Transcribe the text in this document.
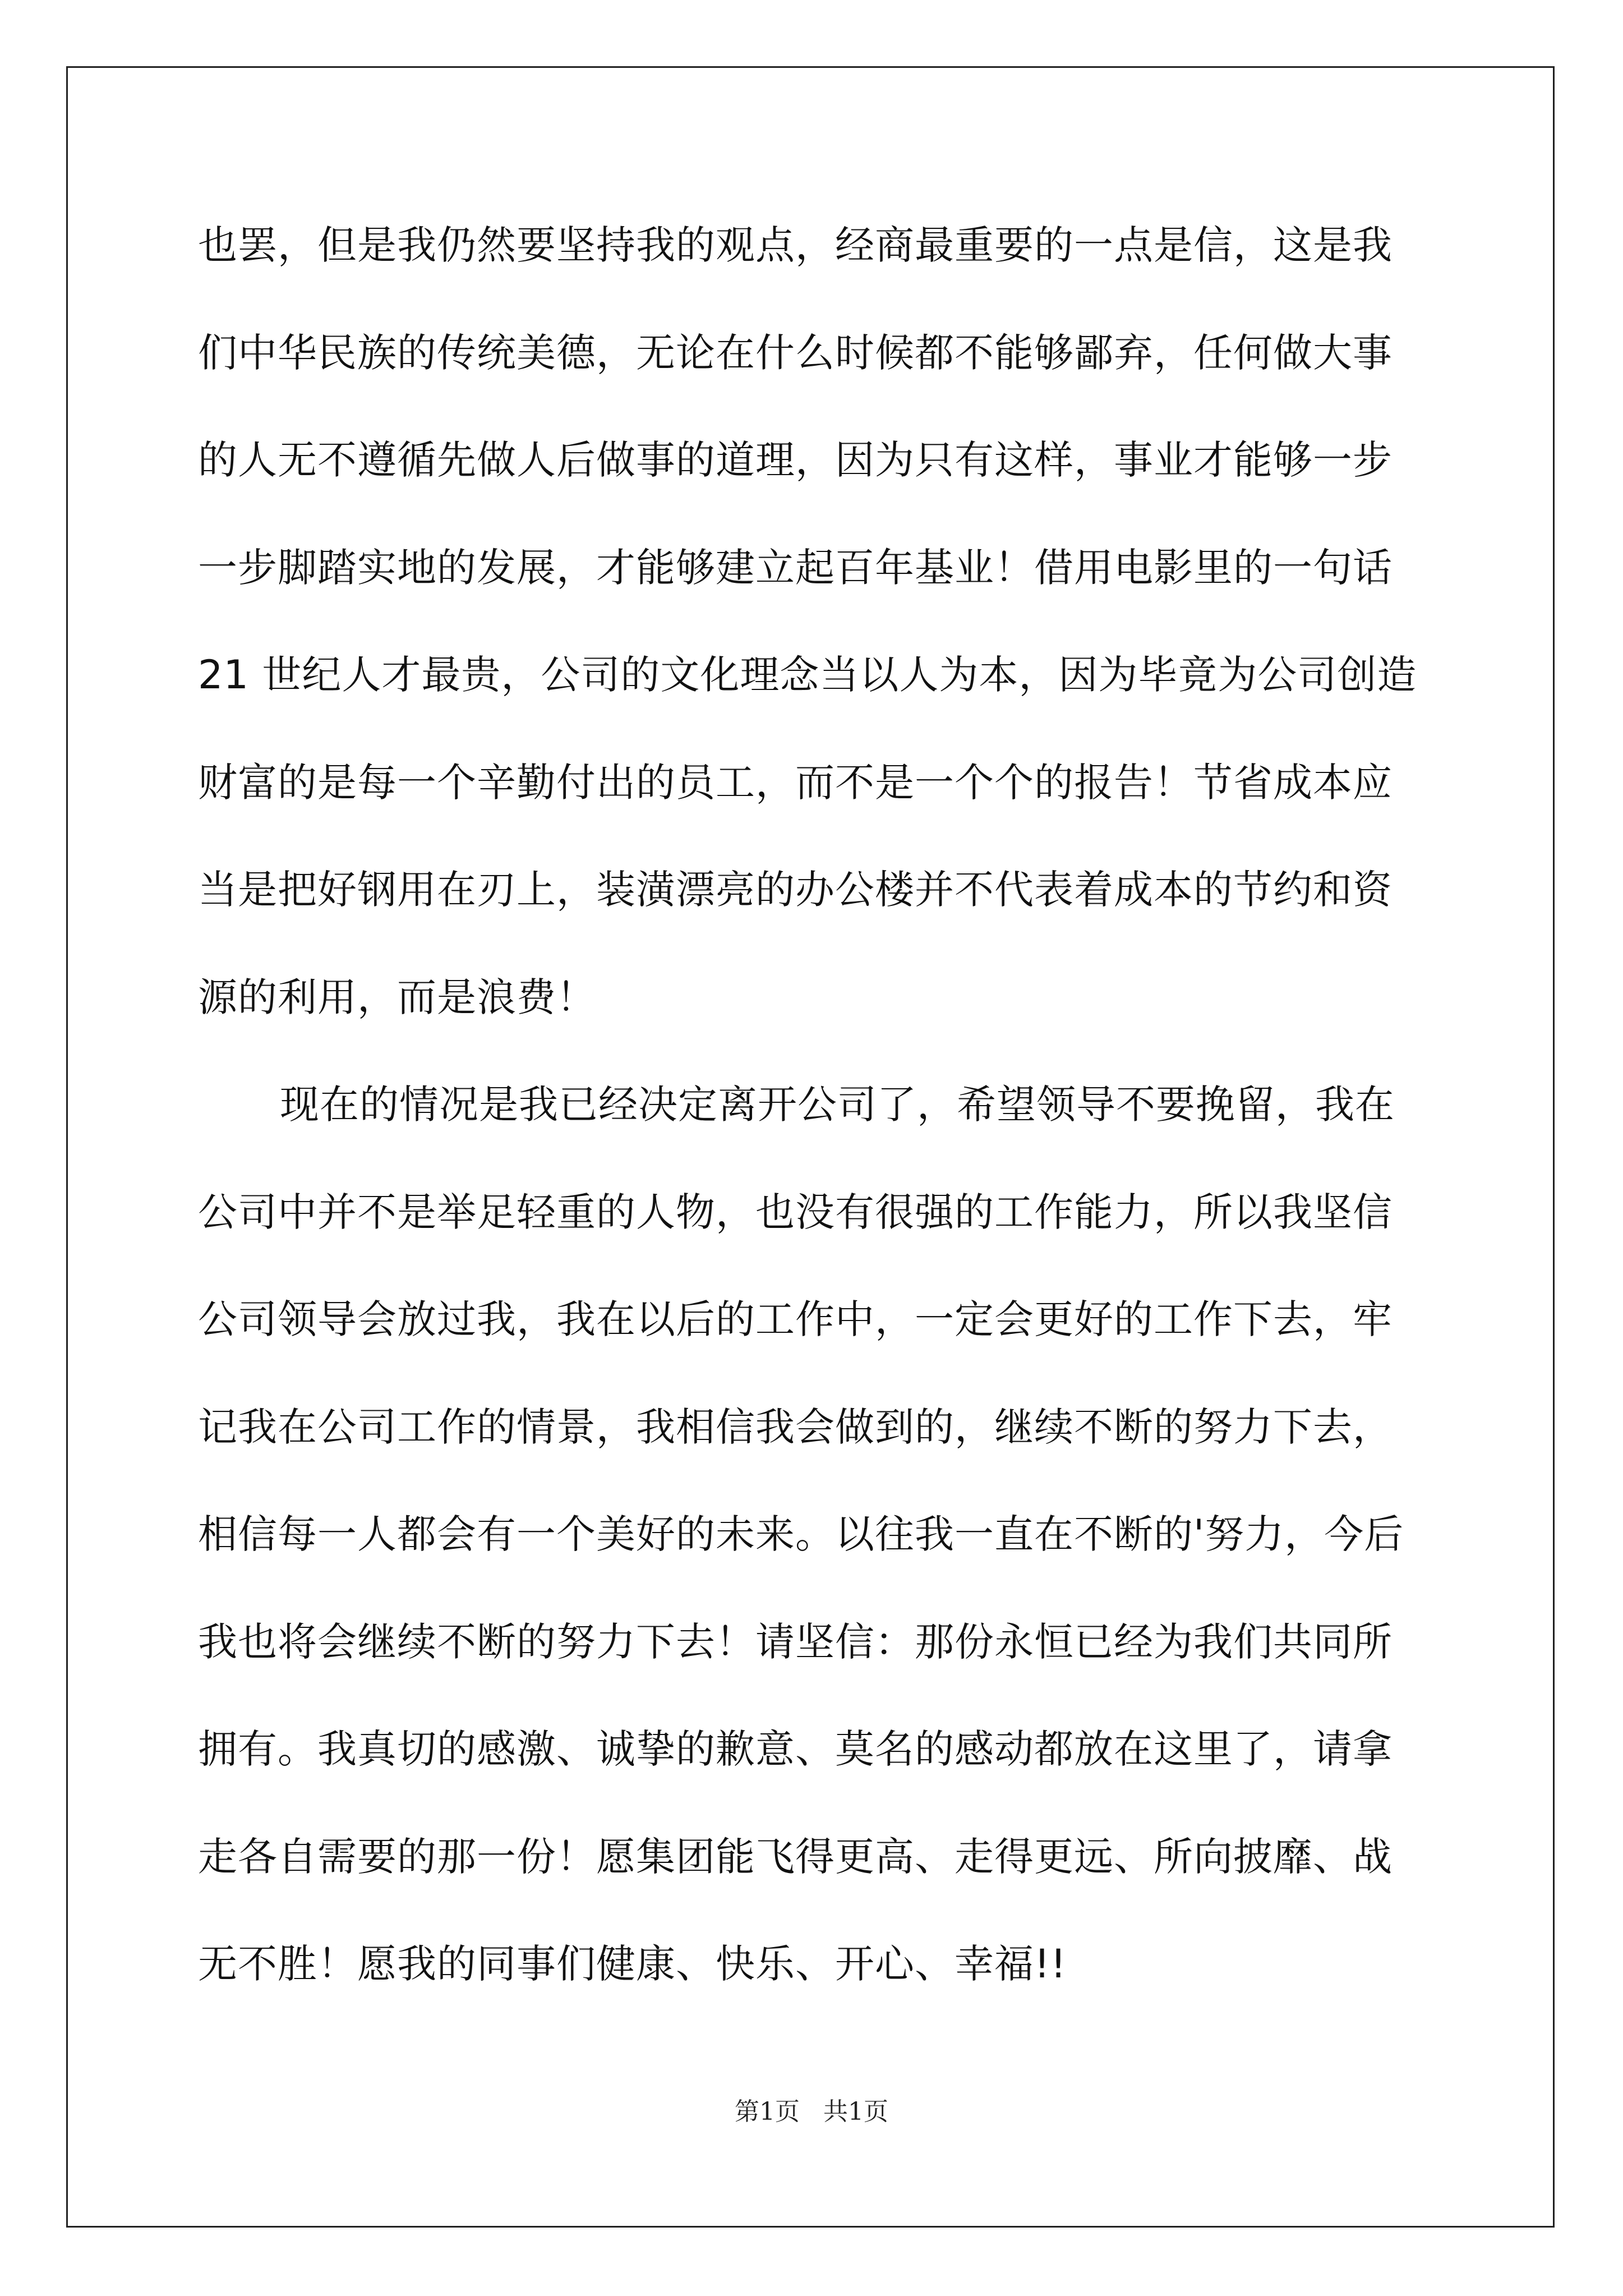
也罢，但是我仍然要坚持我的观点，经商最重要的一点是信，这是我
们中华民族的传统美德，无论在什么时候都不能够鄙弃，任何做大事
的人无不遵循先做人后做事的道理，因为只有这样，事业才能够一步
一步脚踏实地的发展，才能够建立起百年基业！借用电影里的一句话
21 世纪人才最贵，公司的文化理念当以人为本，因为毕竟为公司创造
财富的是每一个辛勤付出的员工，而不是一个个的报告！节省成本应
当是把好钢用在刃上，装潢漂亮的办公楼并不代表着成本的节约和资
源的利用，而是浪费！
现在的情况是我已经决定离开公司了，希望领导不要挽留，我在
公司中并不是举足轻重的人物，也没有很强的工作能力，所以我坚信
公司领导会放过我，我在以后的工作中，一定会更好的工作下去，牢
记我在公司工作的情景，我相信我会做到的，继续不断的努力下去，
相信每一人都会有一个美好的未来。以往我一直在不断的'努力，今后
我也将会继续不断的努力下去！请坚信：那份永恒已经为我们共同所
拥有。我真切的感激、诚挚的歉意、莫名的感动都放在这里了，请拿
走各自需要的那一份！愿集团能飞得更高、走得更远、所向披靡、战
无不胜！愿我的同事们健康、快乐、开心、幸福!!
第1页   共1页
